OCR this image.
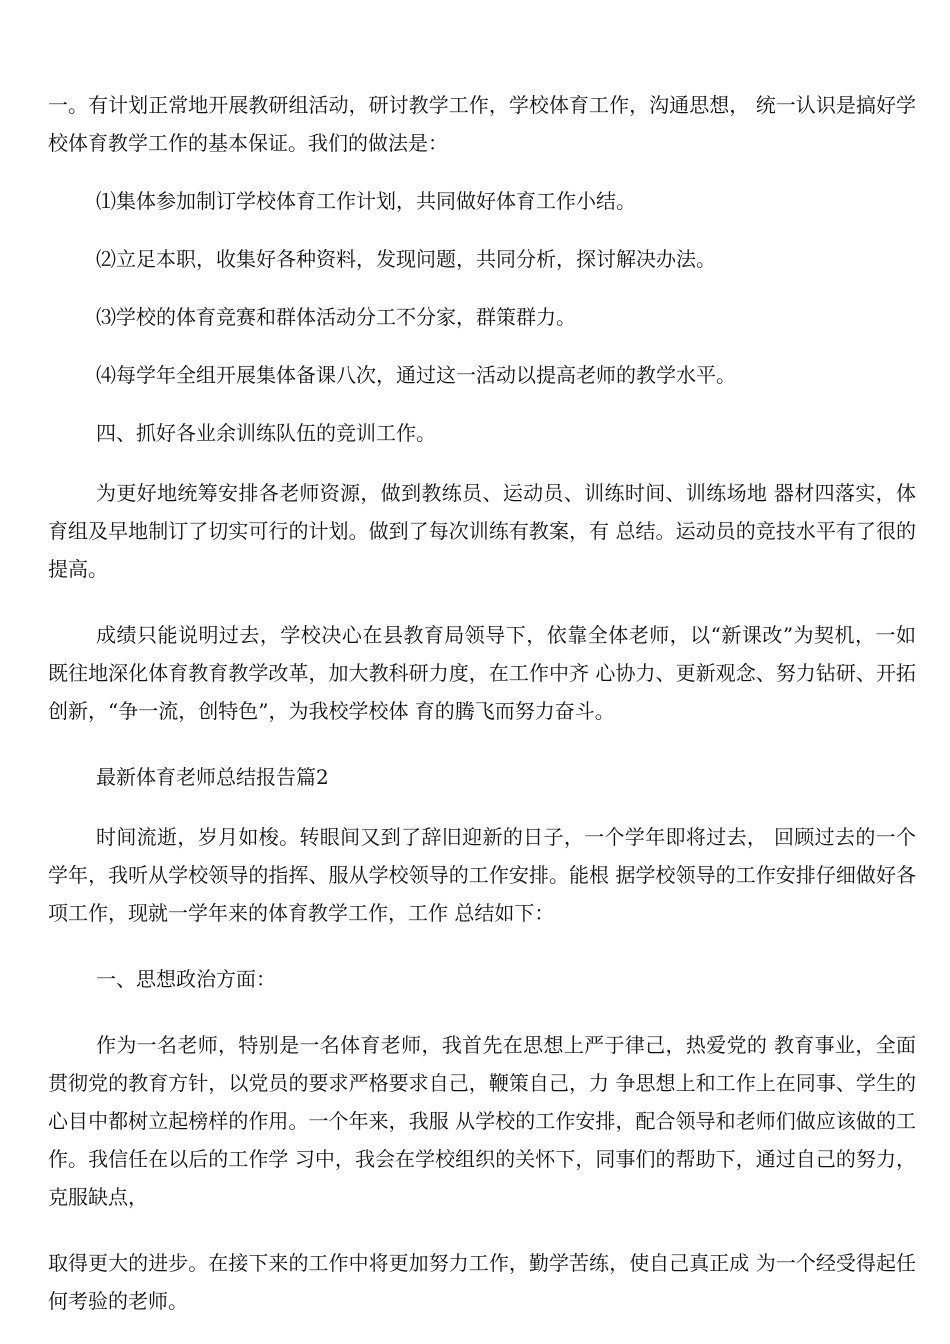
一。有计划正常地开展教研组活动，研讨教学工作，学校体育工作，沟通思想， 统一认识是搞好学校体育教学工作的基本保证。我们的做法是：

⑴集体参加制订学校体育工作计划，共同做好体育工作小结。

⑵立足本职，收集好各种资料，发现问题，共同分析，探讨解决办法。

⑶学校的体育竞赛和群体活动分工不分家，群策群力。

⑷每学年全组开展集体备课八次，通过这一活动以提高老师的教学水平。

四、抓好各业余训练队伍的竞训工作。

为更好地统筹安排各老师资源，做到教练员、运动员、训练时间、训练场地 器材四落实，体育组及早地制订了切实可行的计划。做到了每次训练有教案，有 总结。运动员的竞技水平有了很的提高。

成绩只能说明过去，学校决心在县教育局领导下，依靠全体老师，以“新课改”为契机，一如既往地深化体育教育教学改革，加大教科研力度，在工作中齐 心协力、更新观念、努力钻研、开拓创新，“争一流，创特色”，为我校学校体 育的腾飞而努力奋斗。

最新体育老师总结报告篇2

时间流逝，岁月如梭。转眼间又到了辞旧迎新的日子，一个学年即将过去， 回顾过去的一个学年，我听从学校领导的指挥、服从学校领导的工作安排。能根 据学校领导的工作安排仔细做好各项工作，现就一学年来的体育教学工作，工作 总结如下：

一、思想政治方面：

作为一名老师，特别是一名体育老师，我首先在思想上严于律己，热爱党的 教育事业，全面贯彻党的教育方针，以党员的要求严格要求自己，鞭策自己，力 争思想上和工作上在同事、学生的心目中都树立起榜样的作用。一个年来，我服 从学校的工作安排，配合领导和老师们做应该做的工作。我信任在以后的工作学 习中，我会在学校组织的关怀下，同事们的帮助下，通过自己的努力，克服缺点，

取得更大的进步。在接下来的工作中将更加努力工作，勤学苦练，使自己真正成 为一个经受得起任何考验的老师。
